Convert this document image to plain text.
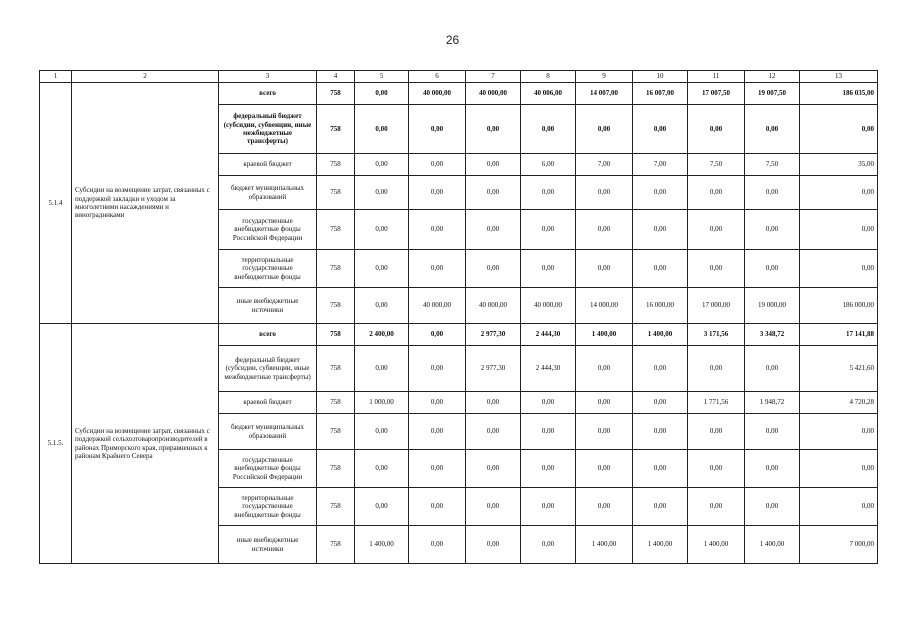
26
1	2	3	4	5	6	7	8	9	10	11	12	13
5.1.4	Субсидии на возмещение затрат, связанных с поддержкой закладки и уходом за многолетними насаждениями и виноградниками	всего	758	0,00	40 000,00	40 000,00	40 006,00	14 007,00	16 007,00	17 007,50	19 007,50	186 035,00
		федеральный бюджет (субсидии, субвенции, иные межбюджетные трансферты)	758	0,00	0,00	0,00	0,00	0,00	0,00	0,00	0,00	0,00
		краевой бюджет	758	0,00	0,00	0,00	6,00	7,00	7,00	7,50	7,50	35,00
		бюджет муниципальных образований	758	0,00	0,00	0,00	0,00	0,00	0,00	0,00	0,00	0,00
		государственные внебюджетные фонды Российской Федерации	758	0,00	0,00	0,00	0,00	0,00	0,00	0,00	0,00	0,00
		территориальные государственные внебюджетные фонды	758	0,00	0,00	0,00	0,00	0,00	0,00	0,00	0,00	0,00
		иные внебюджетные источники	758	0,00	40 000,00	40 000,00	40 000,00	14 000,00	16 000,00	17 000,00	19 000,00	186 000,00
5.1.5.	Субсидии на возмещение затрат, связанных с поддержкой сельхозтоваропроизводителей в районах Приморского края, приравненных к районам Крайнего Севера	всего	758	2 400,00	0,00	2 977,30	2 444,30	1 400,00	1 400,00	3 171,56	3 348,72	17 141,88
		федеральный бюджет (субсидии, субвенции, иные межбюджетные трансферты)	758	0,00	0,00	2 977,30	2 444,30	0,00	0,00	0,00	0,00	5 421,60
		краевой бюджет	758	1 000,00	0,00	0,00	0,00	0,00	0,00	1 771,56	1 948,72	4 720,28
		бюджет муниципальных образований	758	0,00	0,00	0,00	0,00	0,00	0,00	0,00	0,00	0,00
		государственные внебюджетные фонды Российской Федерации	758	0,00	0,00	0,00	0,00	0,00	0,00	0,00	0,00	0,00
		территориальные государственные внебюджетные фонды	758	0,00	0,00	0,00	0,00	0,00	0,00	0,00	0,00	0,00
		иные внебюджетные источники	758	1 400,00	0,00	0,00	0,00	1 400,00	1 400,00	1 400,00	1 400,00	7 000,00
